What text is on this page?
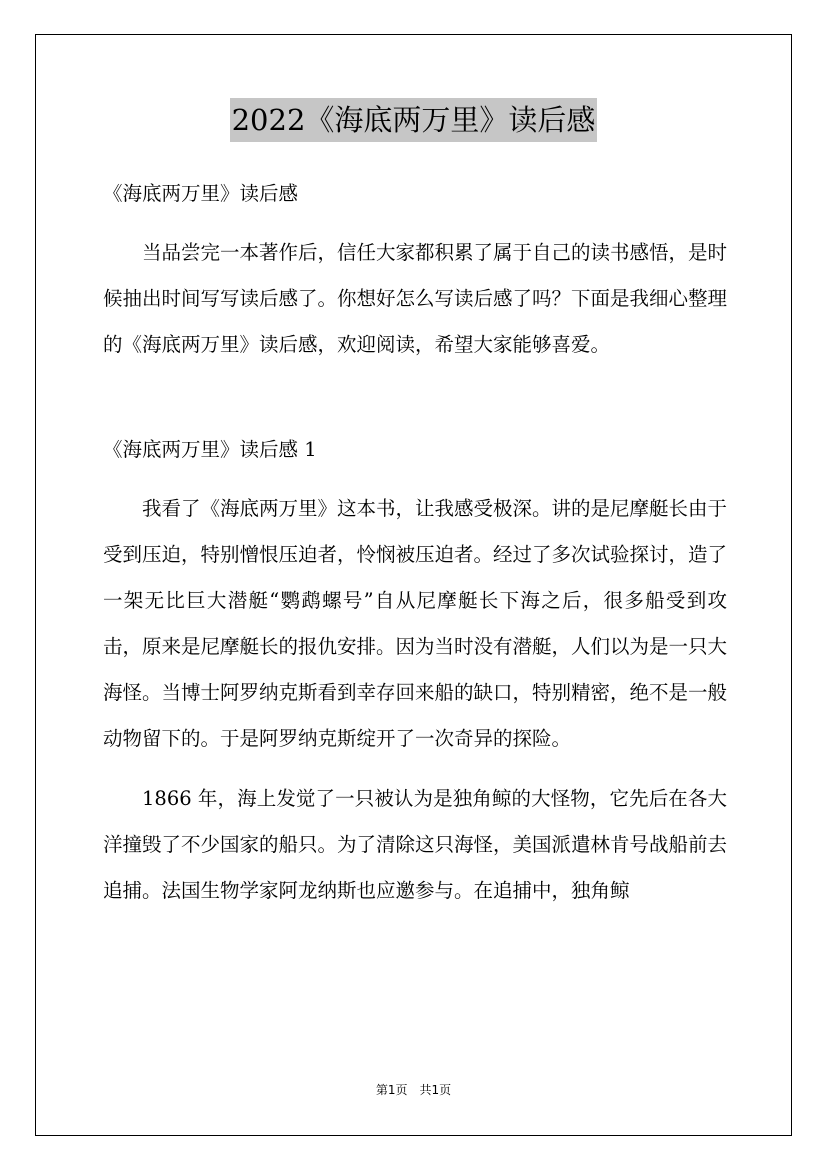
2022《海底两万里》读后感
《海底两万里》读后感

当品尝完一本著作后，信任大家都积累了属于自己的读书感悟，是时候抽出时间写写读后感了。你想好怎么写读后感了吗？下面是我细心整理的《海底两万里》读后感，欢迎阅读，希望大家能够喜爱。

《海底两万里》读后感 1

我看了《海底两万里》这本书，让我感受极深。讲的是尼摩艇长由于受到压迫，特别憎恨压迫者，怜悯被压迫者。经过了多次试验探讨，造了一架无比巨大潜艇“鹦鹉螺号”自从尼摩艇长下海之后，很多船受到攻击，原来是尼摩艇长的报仇安排。因为当时没有潜艇，人们以为是一只大海怪。当博士阿罗纳克斯看到幸存回来船的缺口，特别精密，绝不是一般动物留下的。于是阿罗纳克斯绽开了一次奇异的探险。

1866 年，海上发觉了一只被认为是独角鲸的大怪物，它先后在各大洋撞毁了不少国家的船只。为了清除这只海怪，美国派遣林肯号战船前去追捕。法国生物学家阿龙纳斯也应邀参与。在追捕中，独角鲸

第1页　共1页
